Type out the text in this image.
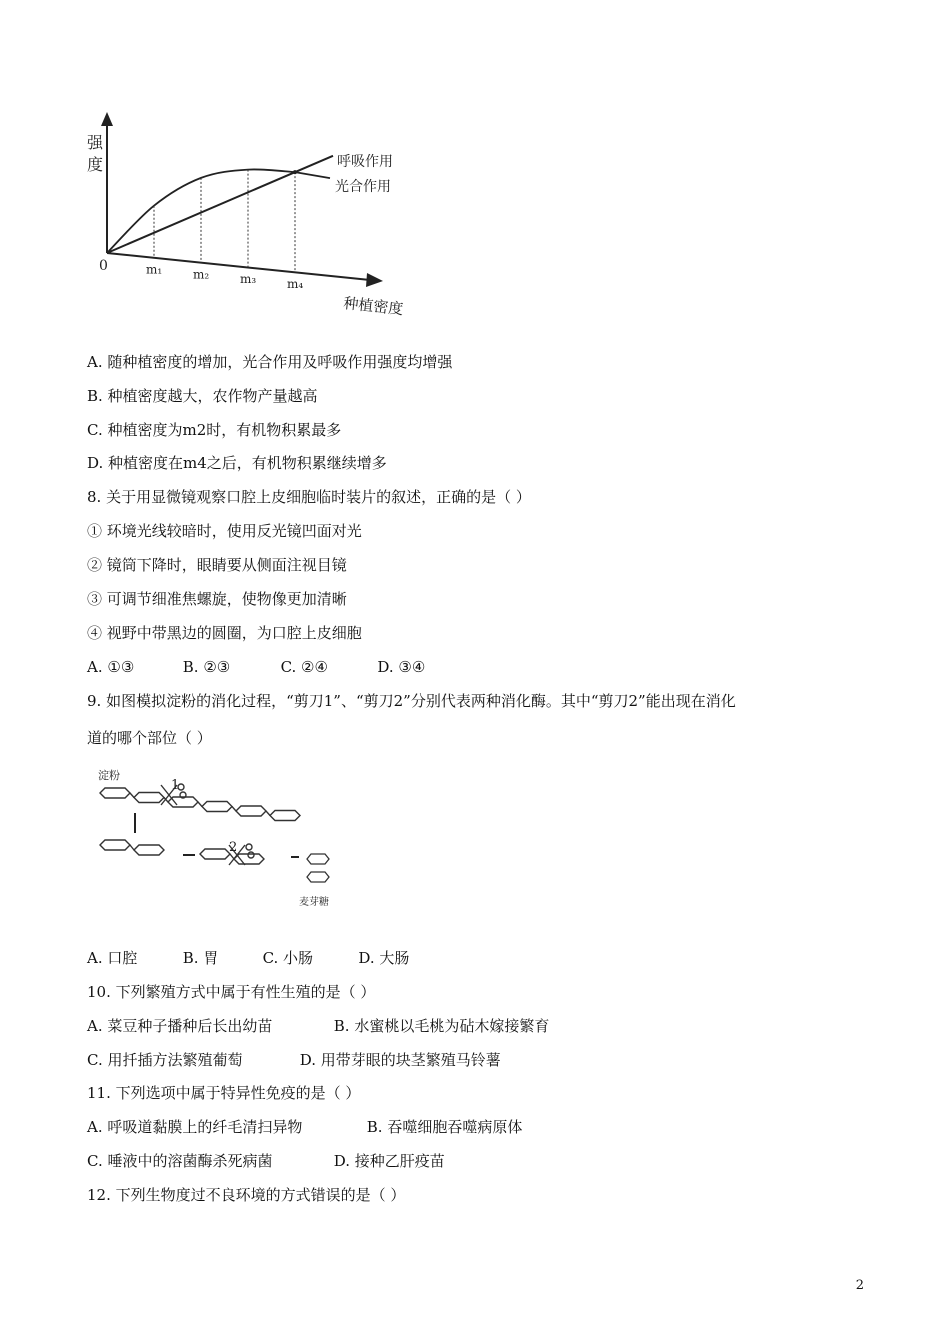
强
度
0	m₁	m₂	m₃	m₄
种植密度
呼吸作用
光合作用
A. 随种植密度的增加，光合作用及呼吸作用强度均增强
B. 种植密度越大，农作物产量越高
C. 种植密度为m2时，有机物积累最多
D. 种植密度在m4之后，有机物积累继续增多
8. 关于用显微镜观察口腔上皮细胞临时装片的叙述，正确的是（ ）
① 环境光线较暗时，使用反光镜凹面对光
② 镜筒下降时，眼睛要从侧面注视目镜
③ 可调节细准焦螺旋，使物像更加清晰
④ 视野中带黑边的圆圈，为口腔上皮细胞
A. ①③	B. ②③	C. ②④	D. ③④
9. 如图模拟淀粉的消化过程，“剪刀1”、“剪刀2”分别代表两种消化酶。其中“剪刀2”能出现在消化
道的哪个部位（ ）
淀粉
1
2
麦芽糖
A. 口腔	B. 胃	C. 小肠	D. 大肠
10. 下列繁殖方式中属于有性生殖的是（ ）
A. 菜豆种子播种后长出幼苗	B. 水蜜桃以毛桃为砧木嫁接繁育
C. 用扦插方法繁殖葡萄	D. 用带芽眼的块茎繁殖马铃薯
11. 下列选项中属于特异性免疫的是（ ）
A. 呼吸道黏膜上的纤毛清扫异物	B. 吞噬细胞吞噬病原体
C. 唾液中的溶菌酶杀死病菌	D. 接种乙肝疫苗
12. 下列生物度过不良环境的方式错误的是（ ）
2
